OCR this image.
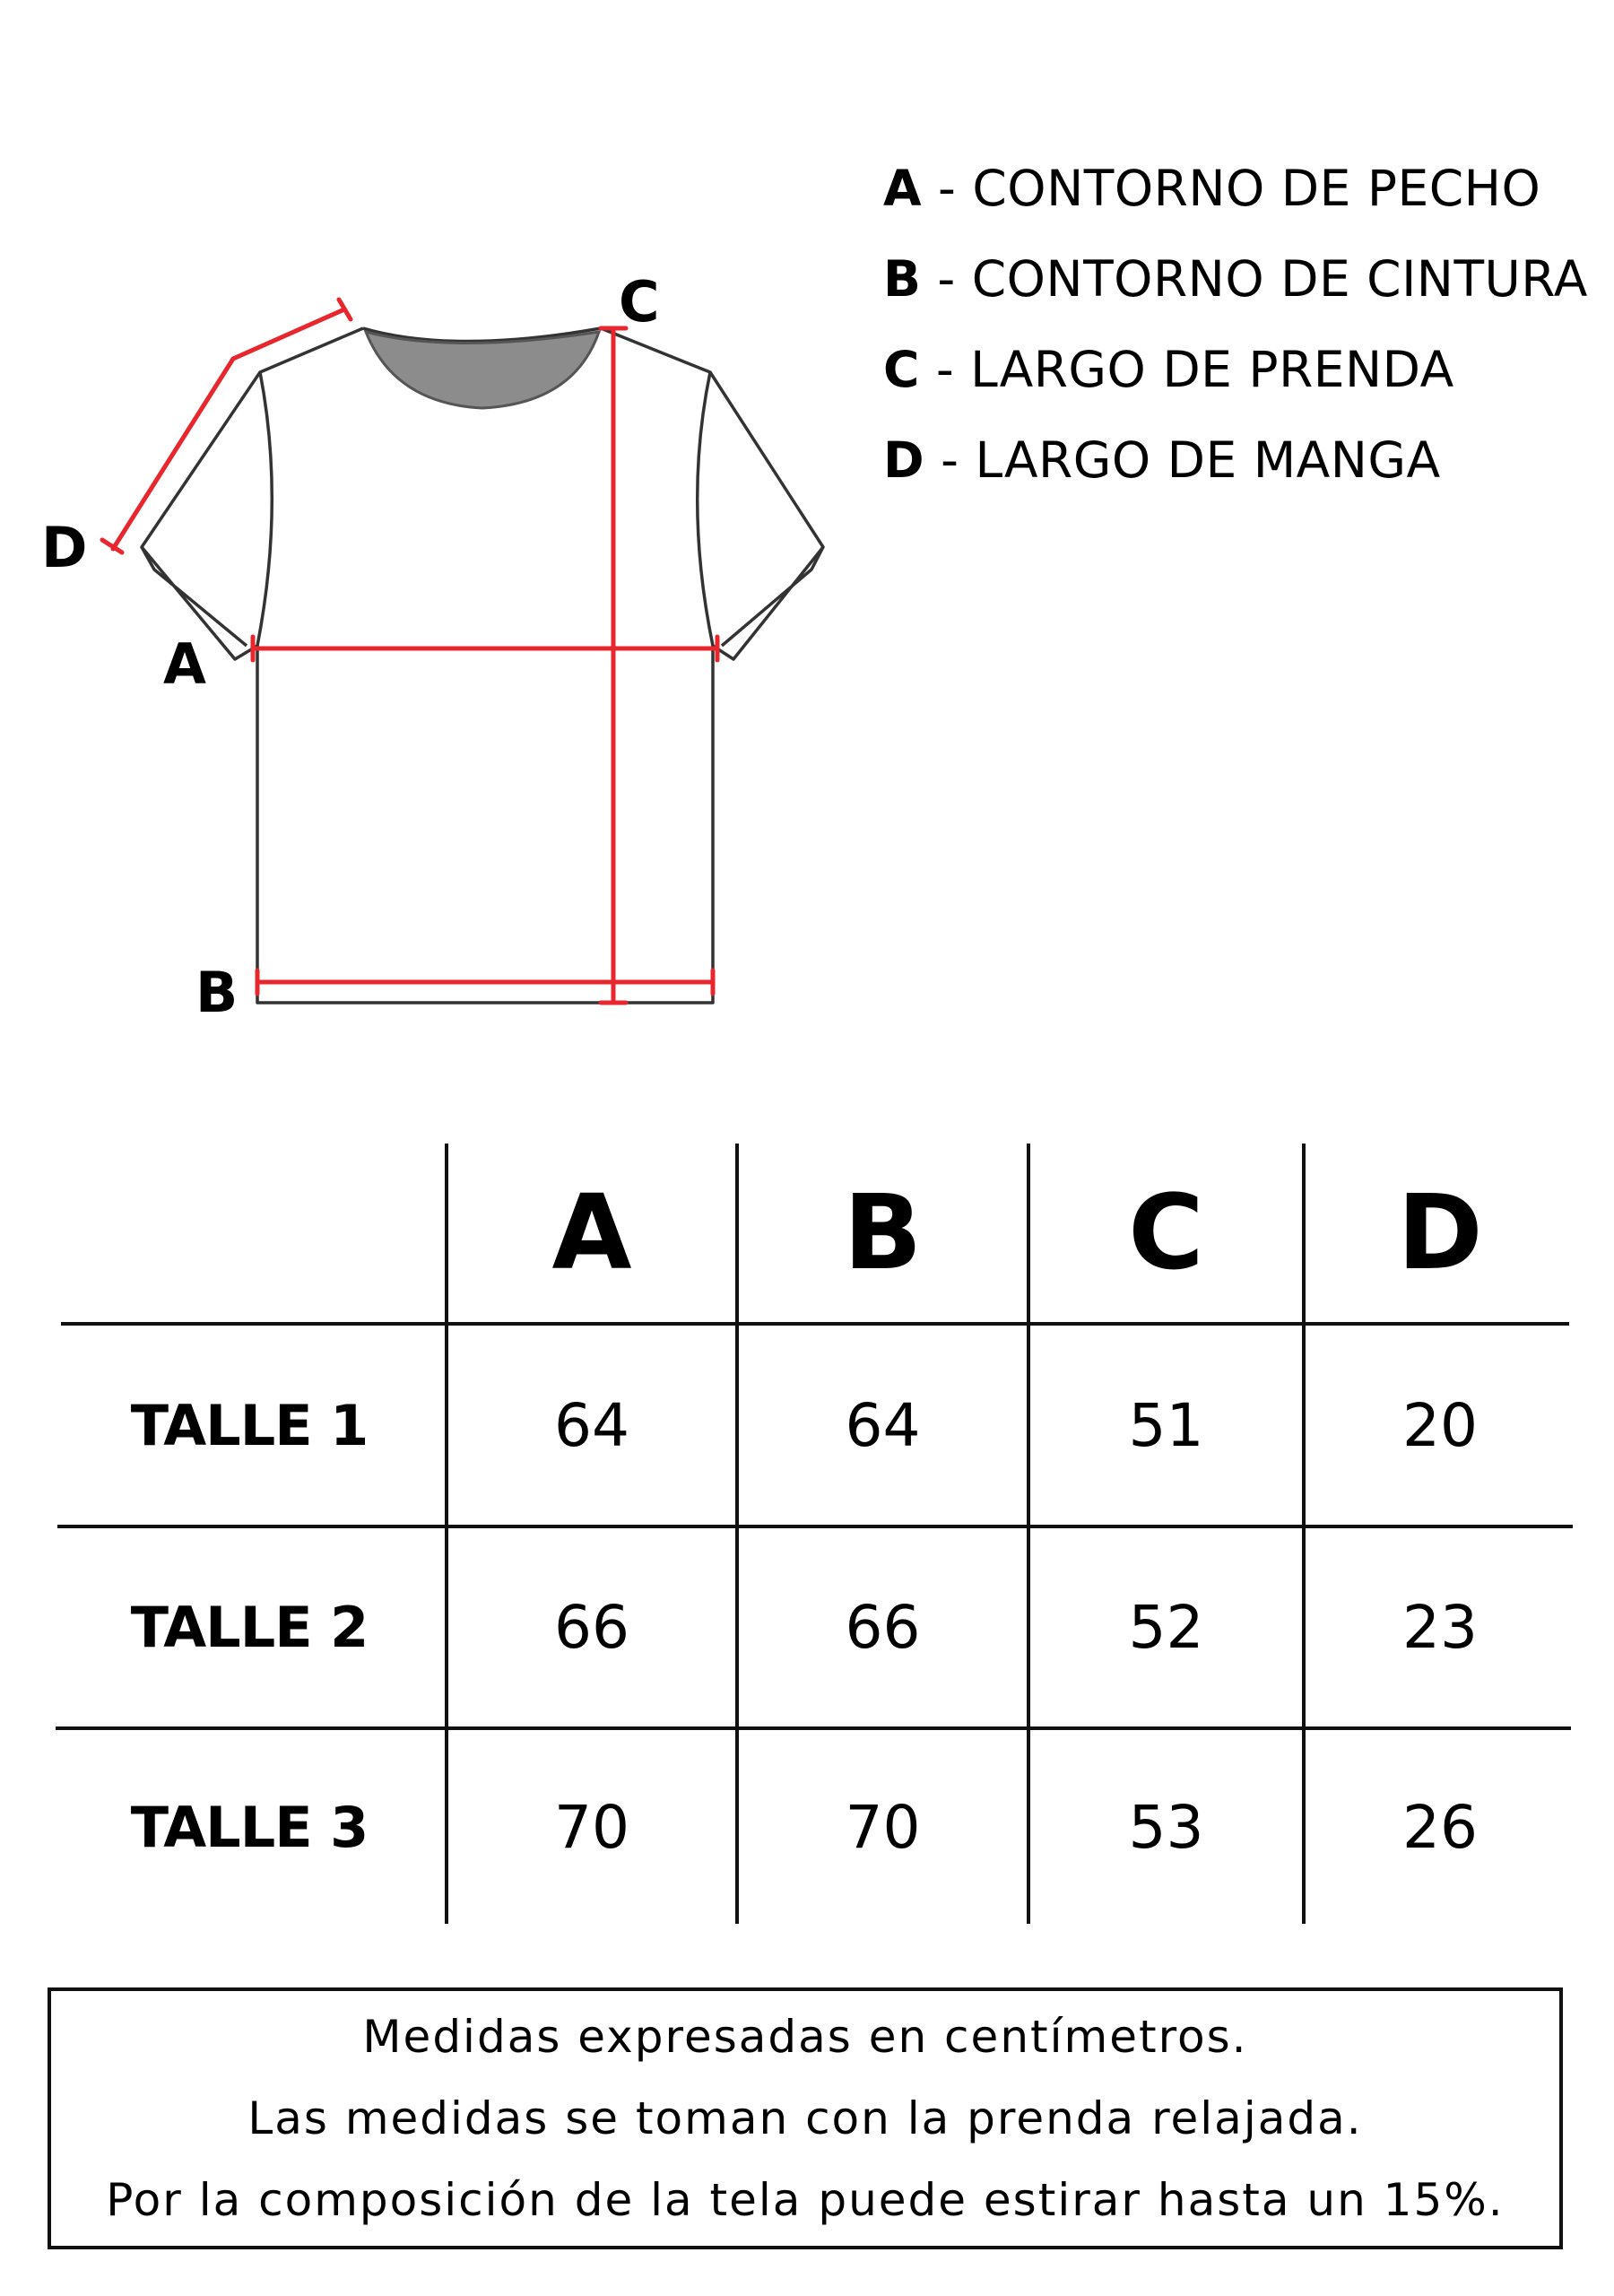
C
D
A
B
A - CONTORNO DE PECHO
B - CONTORNO DE CINTURA
C - LARGO DE PRENDA
D - LARGO DE MANGA
A	B	C	D
TALLE 1	64	64	51	20
TALLE 2	66	66	52	23
TALLE 3	70	70	53	26
Medidas expresadas en centímetros.
Las medidas se toman con la prenda relajada.
Por la composición de la tela puede estirar hasta un 15%.
